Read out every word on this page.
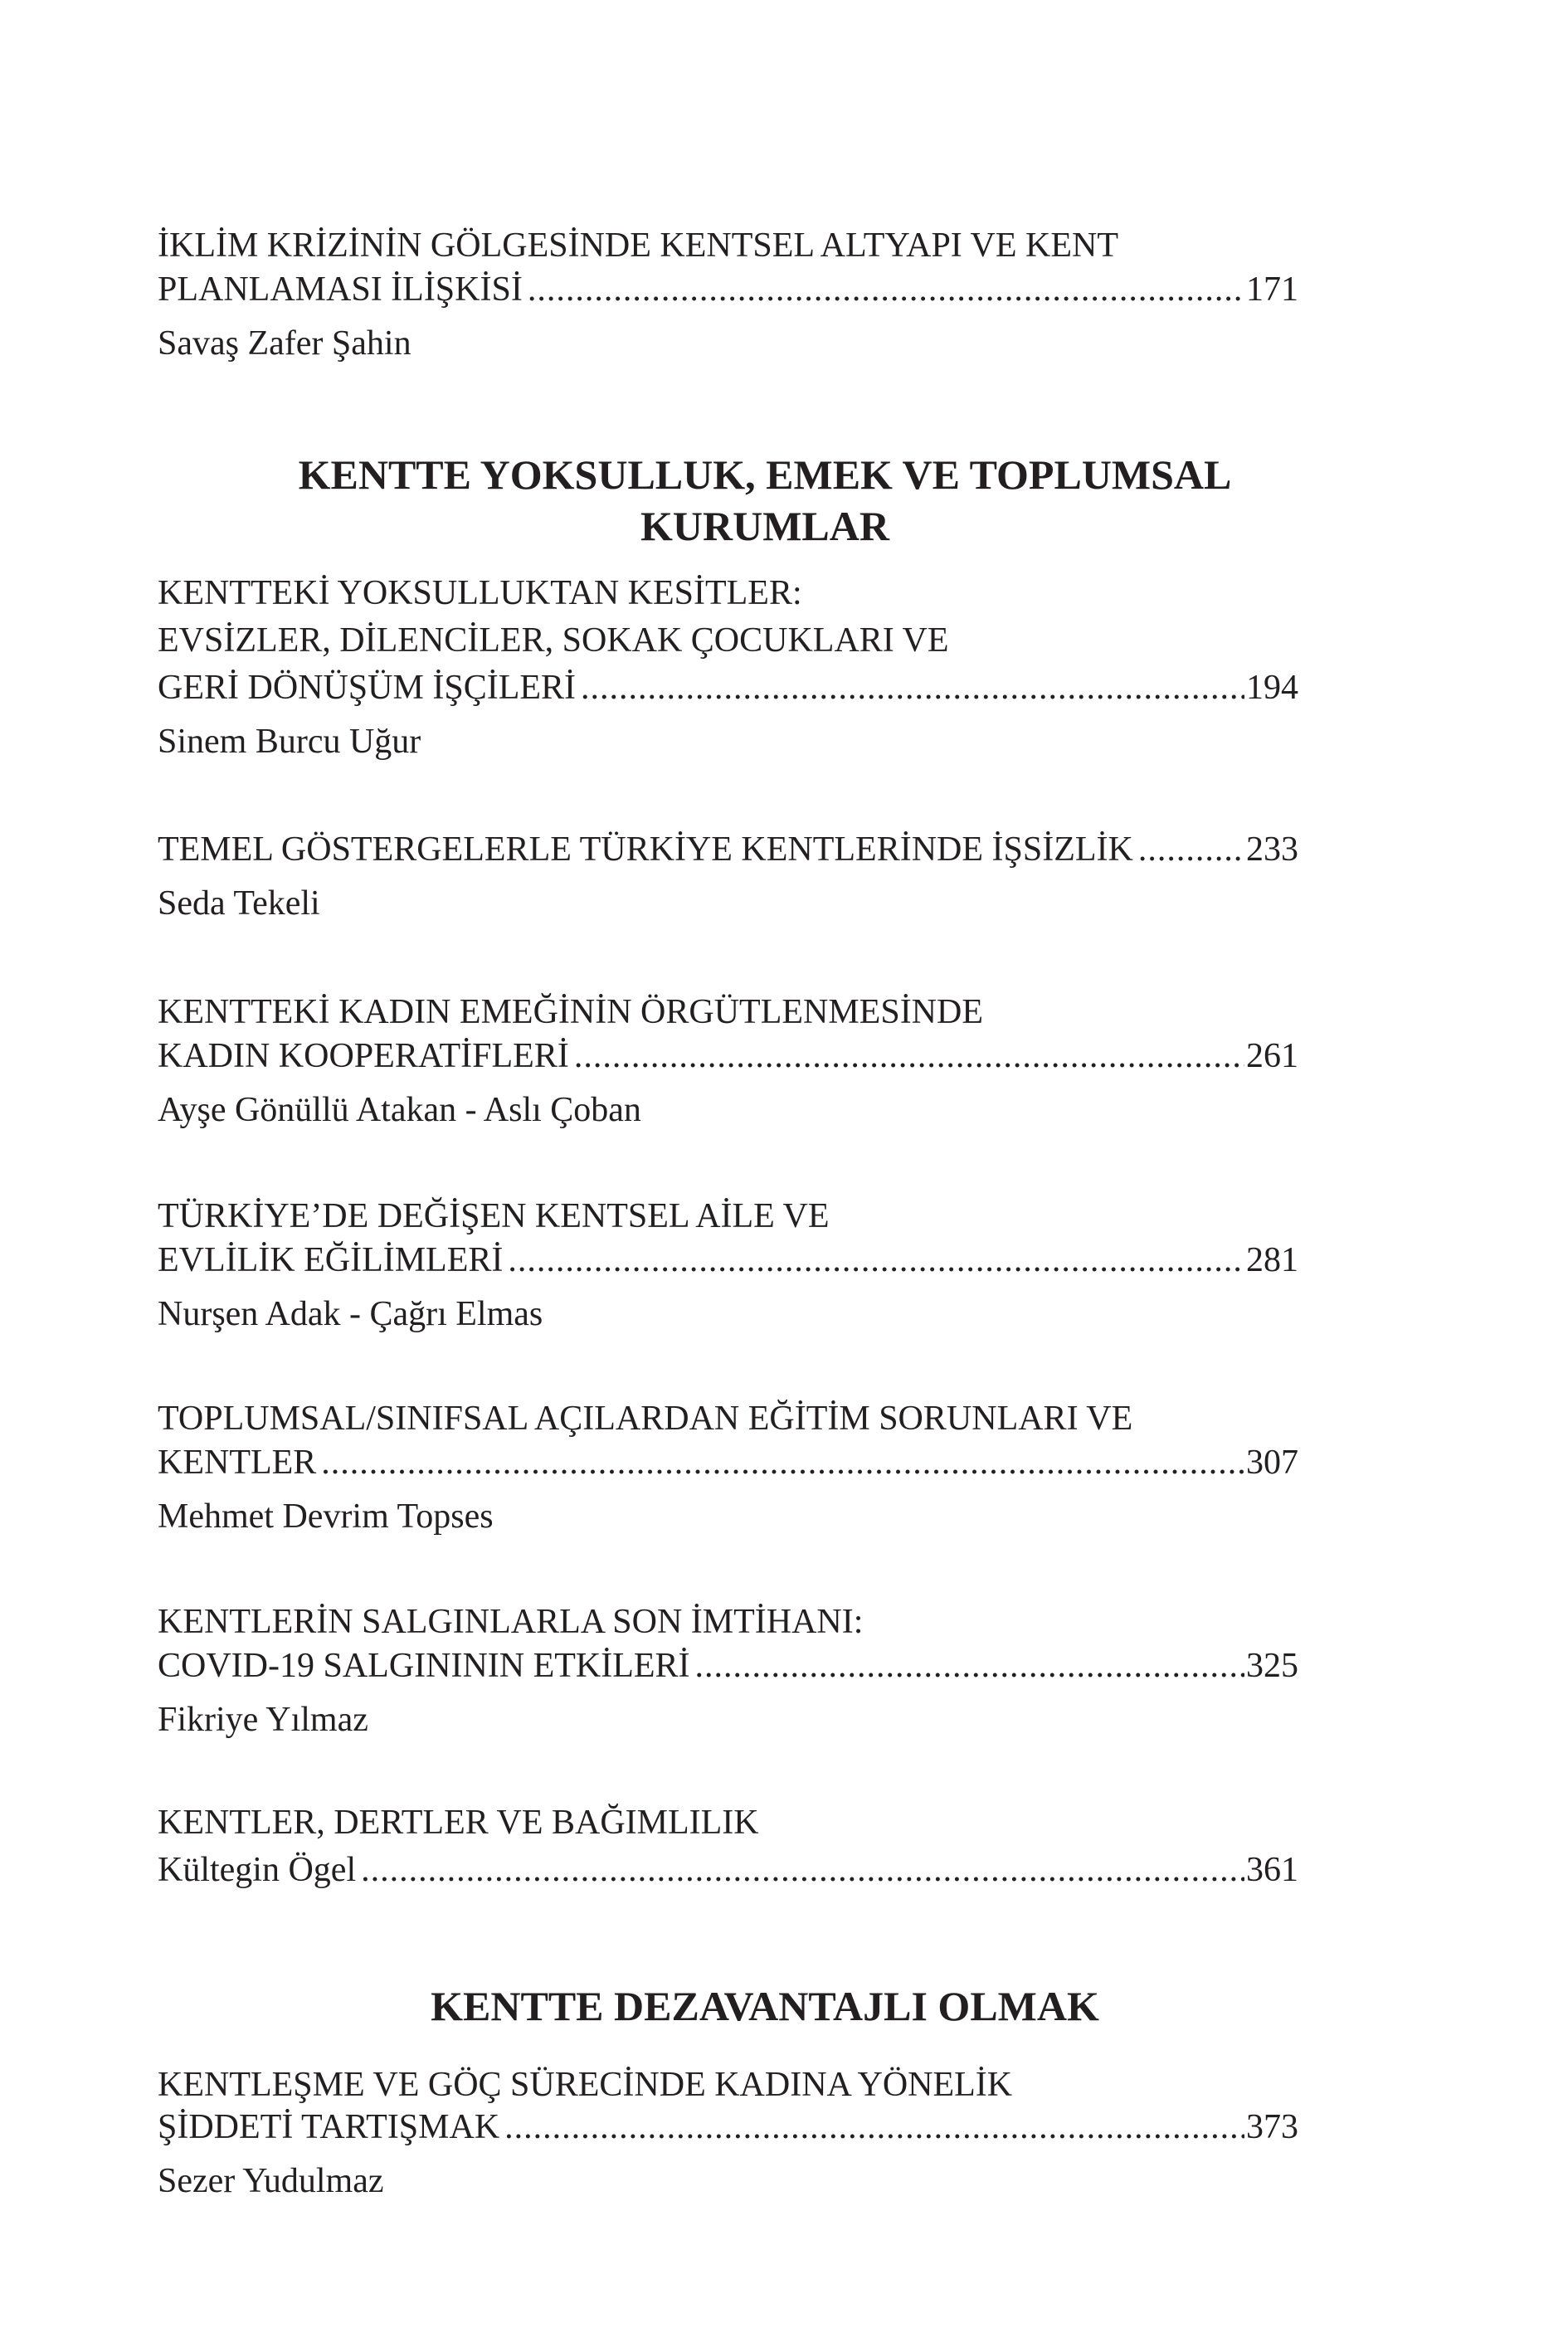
İKLİM KRİZİNİN GÖLGESİNDE KENTSEL ALTYAPI VE KENT
PLANLAMASI İLİŞKİSİ .....	171
Savaş Zafer Şahin
KENTTE YOKSULLUK, EMEK VE TOPLUMSAL
KURUMLAR
KENTTEKİ YOKSULLUKTAN KESİTLER:
EVSİZLER, DİLENCİLER, SOKAK ÇOCUKLARI VE
GERİ DÖNÜŞÜM İŞÇİLERİ .....	194
Sinem Burcu Uğur
TEMEL GÖSTERGELERLE TÜRKİYE KENTLERİNDE İŞSİZLİK .....	233
Seda Tekeli
KENTTEKİ KADIN EMEĞİNİN ÖRGÜTLENMESİNDE
KADIN KOOPERATİFLERİ .....	261
Ayşe Gönüllü Atakan - Aslı Çoban
TÜRKİYE’DE DEĞİŞEN KENTSEL AİLE VE
EVLİLİK EĞİLİMLERİ .....	281
Nurşen Adak - Çağrı Elmas
TOPLUMSAL/SINIFSAL AÇILARDAN EĞİTİM SORUNLARI VE
KENTLER .....	307
Mehmet Devrim Topses
KENTLERİN SALGINLARLA SON İMTİHANI:
COVID-19 SALGINININ ETKİLERİ .....	325
Fikriye Yılmaz
KENTLER, DERTLER VE BAĞIMLILIK
Kültegin Ögel .....	361
KENTTE DEZAVANTAJLI OLMAK
KENTLEŞME VE GÖÇ SÜRECİNDE KADINA YÖNELİK
ŞİDDETİ TARTIŞMAK .....	373
Sezer Yudulmaz
